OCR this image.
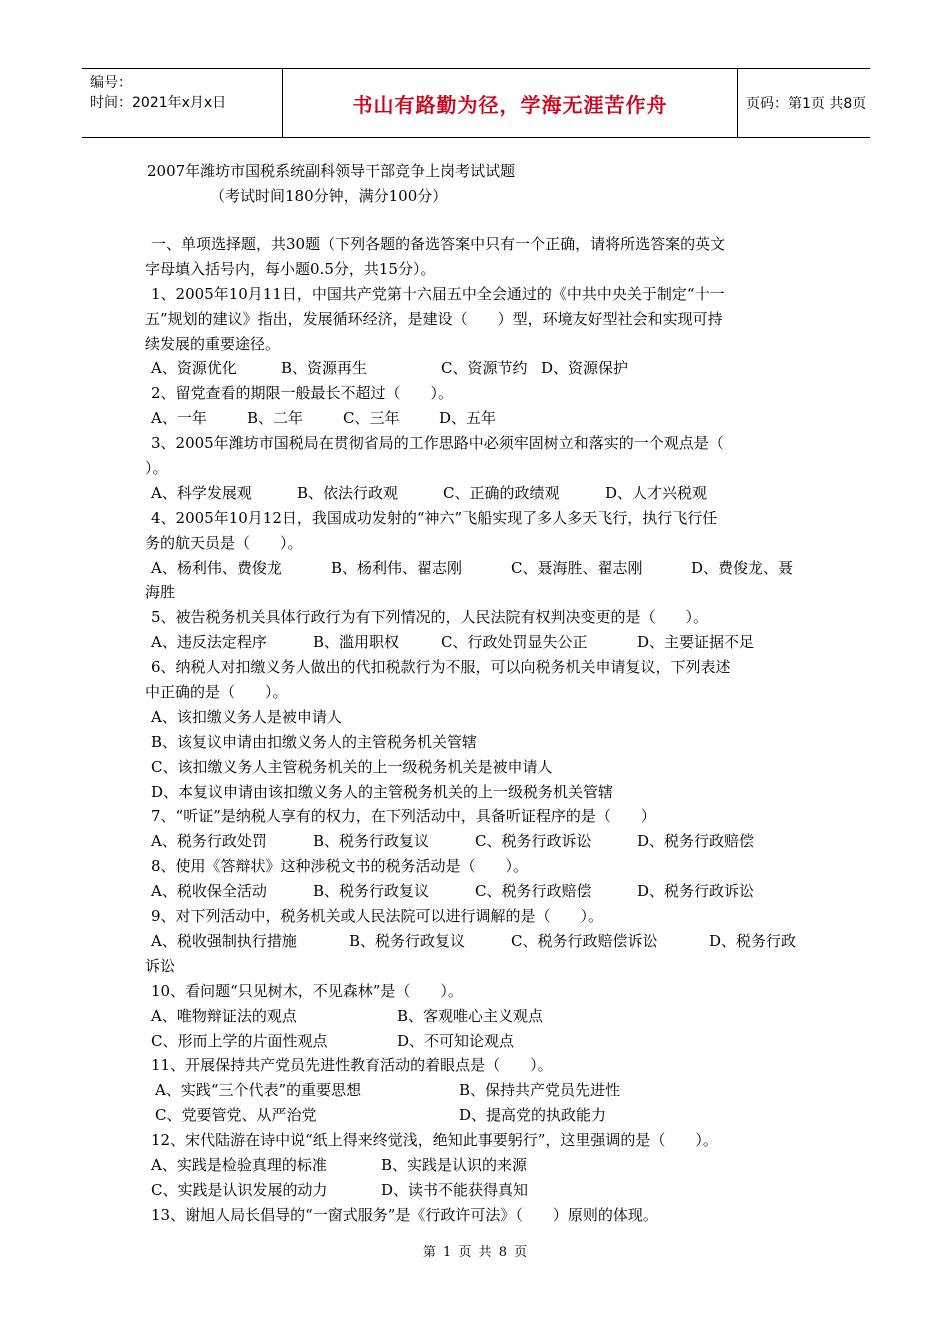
编号：
时间：2021年x月x日	书山有路勤为径，学海无涯苦作舟	页码：第1页 共8页
2007年潍坊市国税系统副科领导干部竞争上岗考试试题
（考试时间180分钟，满分100分）
一、单项选择题，共30题（下列各题的备选答案中只有一个正确，请将所选答案的英文
字母填入括号内，每小题0.5分，共15分）。
1、2005年10月11日，中国共产党第十六届五中全会通过的《中共中央关于制定“十一
五”规划的建议》指出，发展循环经济，是建设（　　）型，环境友好型社会和实现可持
续发展的重要途径。
A、资源优化	B、资源再生	C、资源节约 D、资源保护
2、留党查看的期限一般最长不超过（　　）。
A、一年	B、二年	C、三年	D、五年
3、2005年潍坊市国税局在贯彻省局的工作思路中必须牢固树立和落实的一个观点是（
）。
A、科学发展观	B、依法行政观	C、正确的政绩观	D、人才兴税观
4、2005年10月12日，我国成功发射的“神六”飞船实现了多人多天飞行，执行飞行任
务的航天员是（　　）。
A、杨利伟、费俊龙	B、杨利伟、翟志刚	C、聂海胜、翟志刚	D、费俊龙、聂
海胜
5、被告税务机关具体行政行为有下列情况的，人民法院有权判决变更的是（　　）。
A、违反法定程序	B、滥用职权	C、行政处罚显失公正	D、主要证据不足
6、纳税人对扣缴义务人做出的代扣税款行为不服，可以向税务机关申请复议，下列表述
中正确的是（　　）。
A、该扣缴义务人是被申请人
B、该复议申请由扣缴义务人的主管税务机关管辖
C、该扣缴义务人主管税务机关的上一级税务机关是被申请人
D、本复议申请由该扣缴义务人的主管税务机关的上一级税务机关管辖
7、“听证”是纳税人享有的权力，在下列活动中，具备听证程序的是（　　）
A、税务行政处罚	B、税务行政复议	C、税务行政诉讼	D、税务行政赔偿
8、使用《答辩状》这种涉税文书的税务活动是（　　）。
A、税收保全活动	B、税务行政复议	C、税务行政赔偿	D、税务行政诉讼
9、对下列活动中，税务机关或人民法院可以进行调解的是（　　）。
A、税收强制执行措施	B、税务行政复议	C、税务行政赔偿诉讼	D、税务行政
诉讼
10、看问题“只见树木，不见森林”是（　　）。
A、唯物辩证法的观点	B、客观唯心主义观点
C、形而上学的片面性观点	D、不可知论观点
11、开展保持共产党员先进性教育活动的着眼点是（　　）。
A、实践“三个代表”的重要思想	B、保持共产党员先进性
C、党要管党、从严治党	D、提高党的执政能力
12、宋代陆游在诗中说“纸上得来终觉浅，绝知此事要躬行”，这里强调的是（　　）。
A、实践是检验真理的标准	B、实践是认识的来源
C、实践是认识发展的动力	D、读书不能获得真知
13、谢旭人局长倡导的“一窗式服务”是《行政许可法》（　　）原则的体现。
第 1 页 共 8 页
